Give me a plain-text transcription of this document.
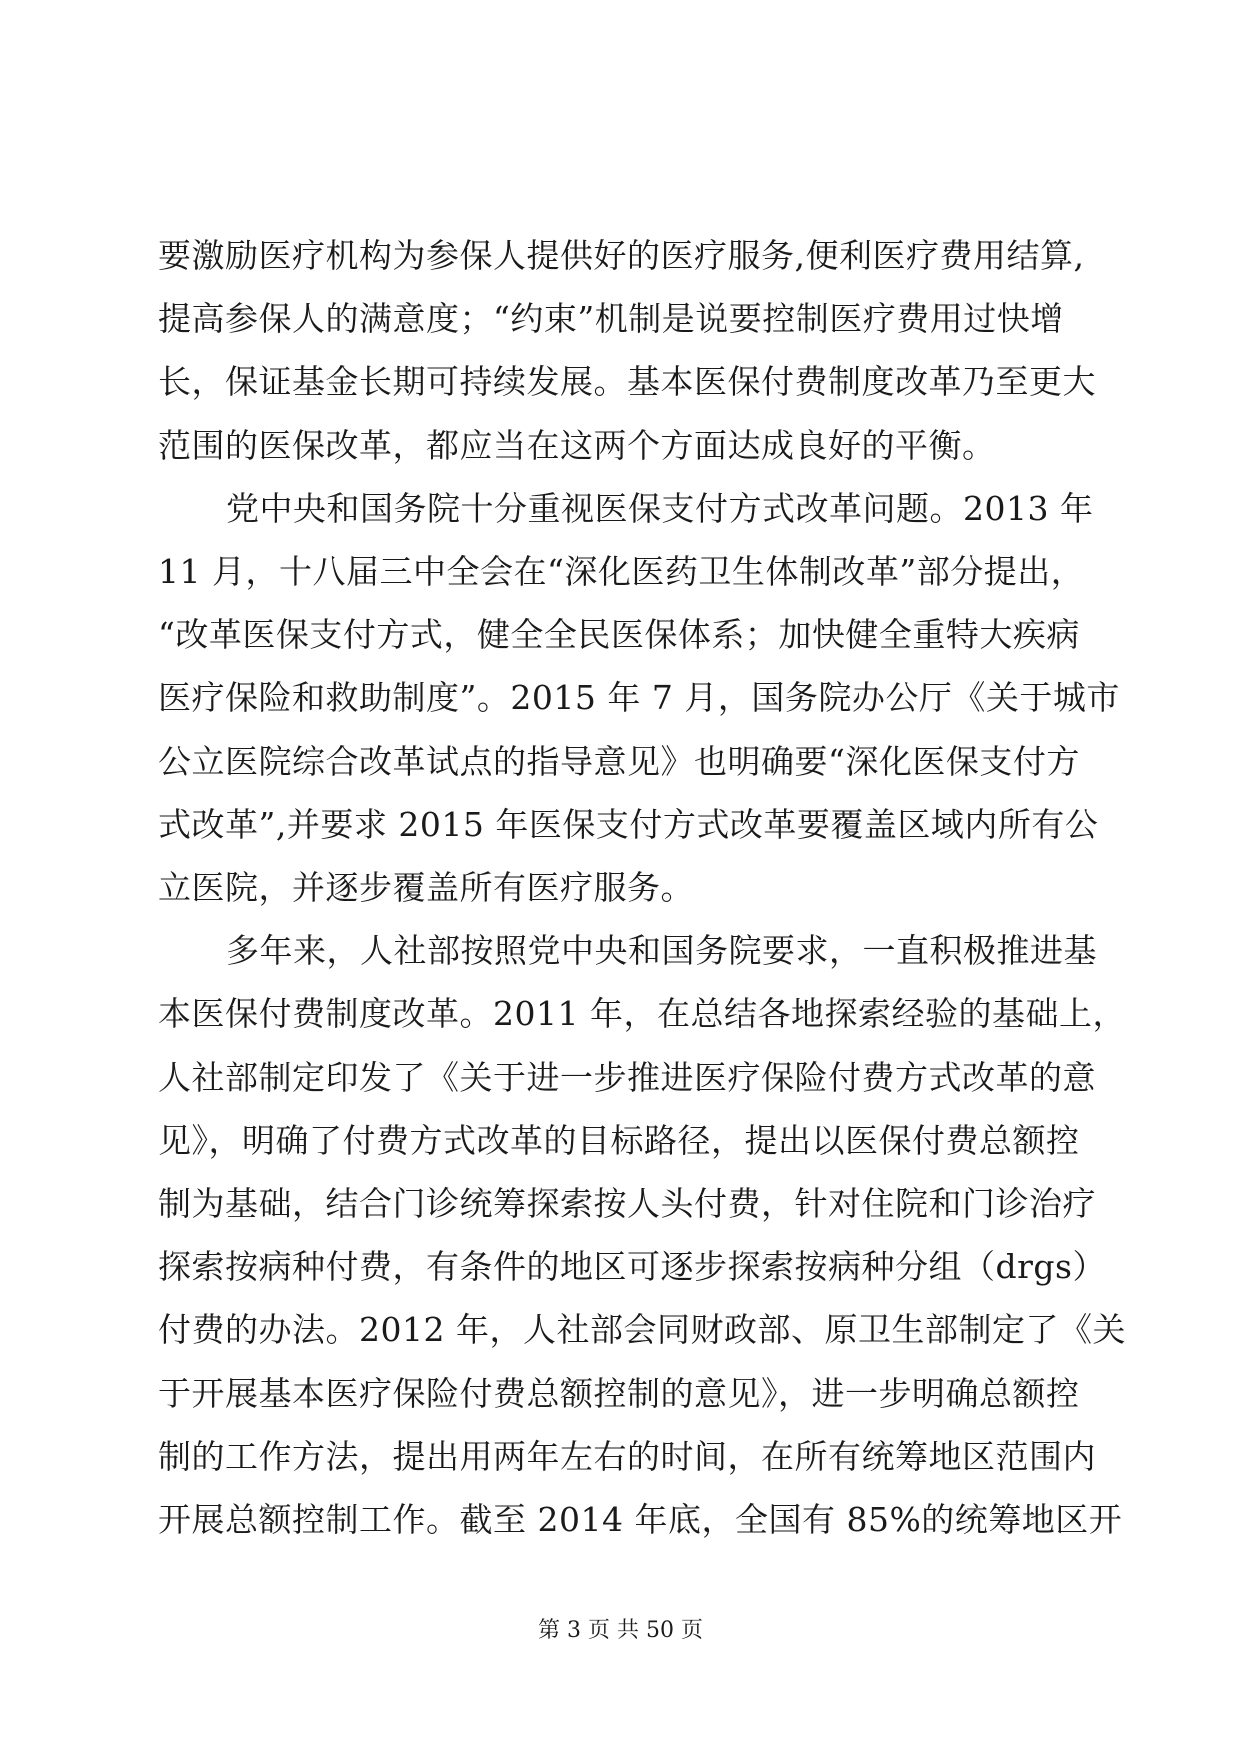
要激励医疗机构为参保人提供好的医疗服务,便利医疗费用结算,
提高参保人的满意度；“约束”机制是说要控制医疗费用过快增
长，保证基金长期可持续发展。基本医保付费制度改革乃至更大
范围的医保改革，都应当在这两个方面达成良好的平衡。

党中央和国务院十分重视医保支付方式改革问题。2013 年
11 月，十八届三中全会在“深化医药卫生体制改革”部分提出，
“改革医保支付方式，健全全民医保体系；加快健全重特大疾病
医疗保险和救助制度”。2015 年 7 月，国务院办公厅《关于城市
公立医院综合改革试点的指导意见》也明确要“深化医保支付方
式改革”,并要求 2015 年医保支付方式改革要覆盖区域内所有公
立医院，并逐步覆盖所有医疗服务。

多年来，人社部按照党中央和国务院要求，一直积极推进基
本医保付费制度改革。2011 年，在总结各地探索经验的基础上，
人社部制定印发了《关于进一步推进医疗保险付费方式改革的意
见》，明确了付费方式改革的目标路径，提出以医保付费总额控
制为基础，结合门诊统筹探索按人头付费，针对住院和门诊治疗
探索按病种付费，有条件的地区可逐步探索按病种分组（drgs）
付费的办法。2012 年，人社部会同财政部、原卫生部制定了《关
于开展基本医疗保险付费总额控制的意见》，进一步明确总额控
制的工作方法，提出用两年左右的时间，在所有统筹地区范围内
开展总额控制工作。截至 2014 年底，全国有 85%的统筹地区开

第 3 页 共 50 页
